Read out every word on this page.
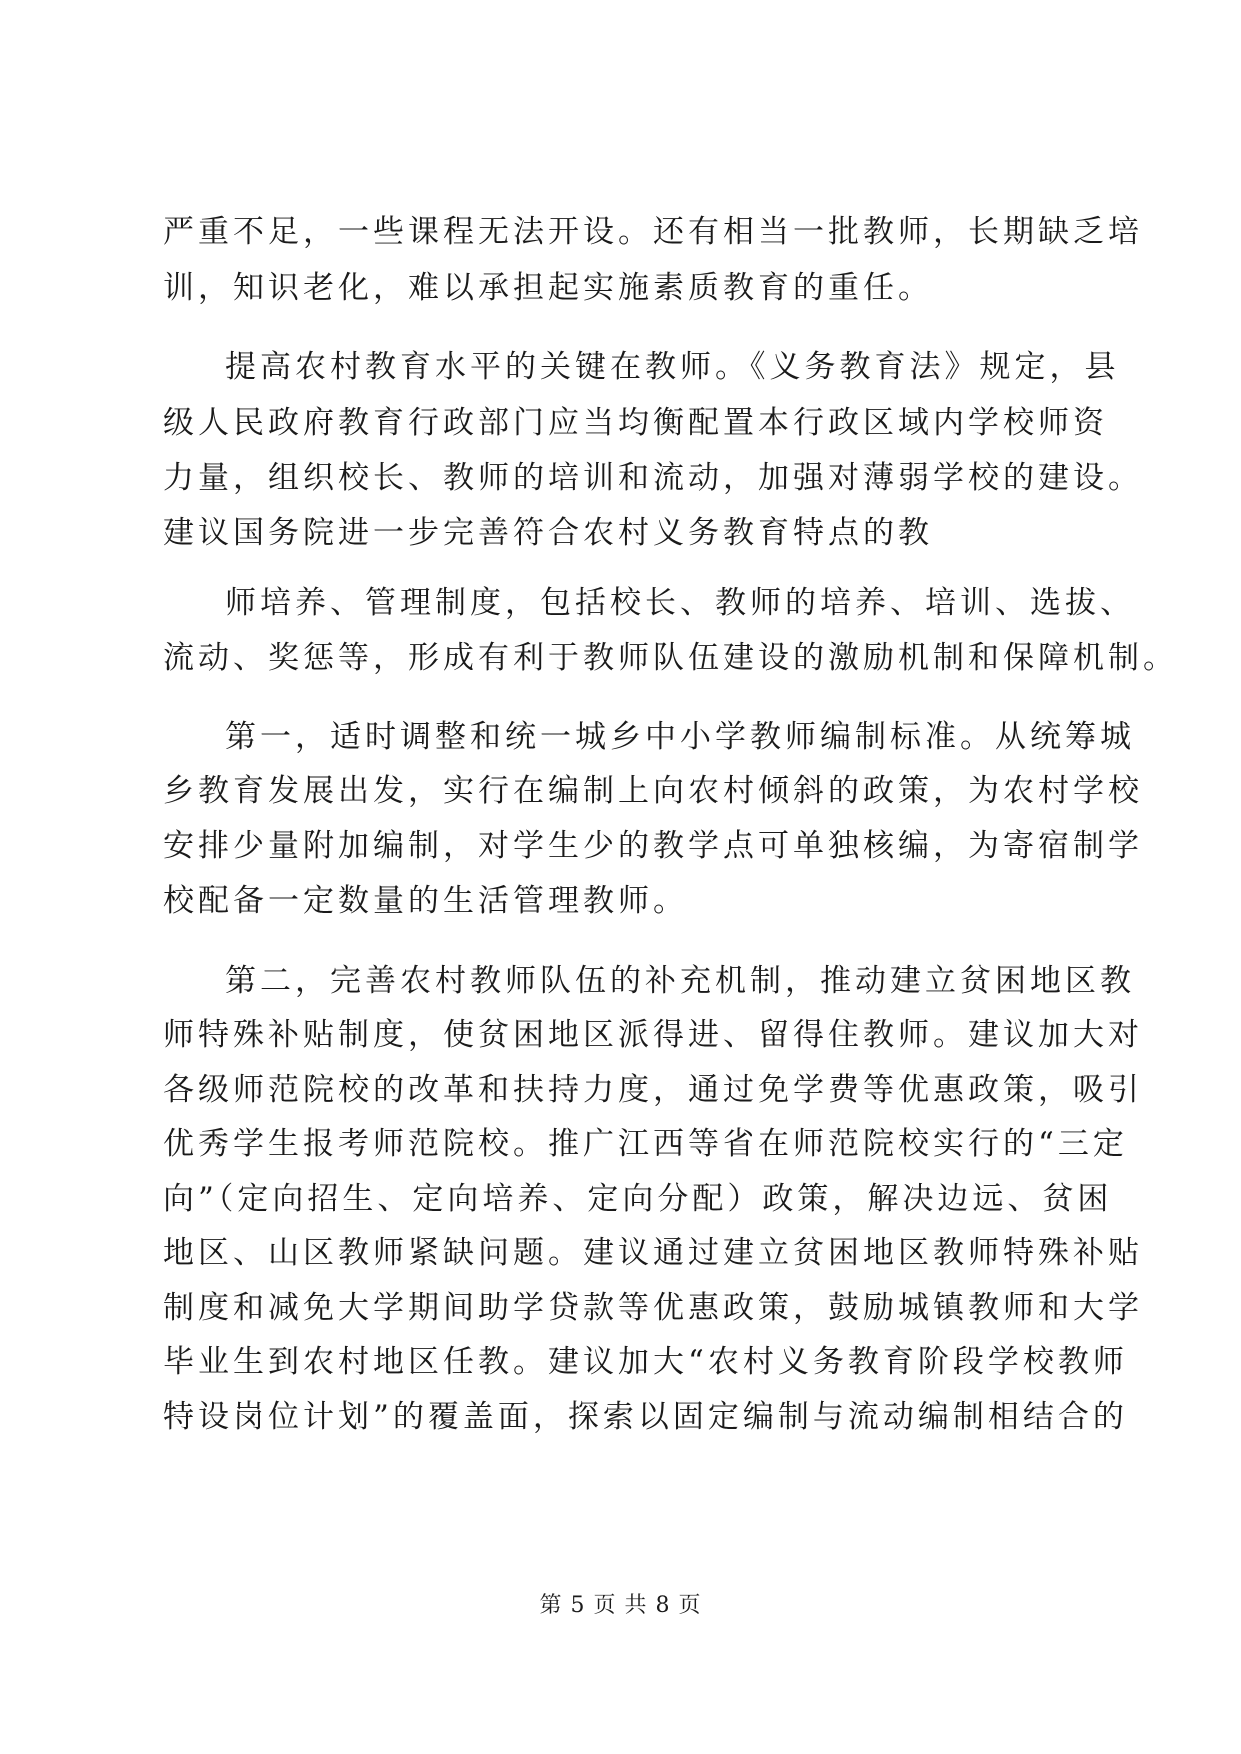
严重不足，一些课程无法开设。还有相当一批教师，长期缺乏培

训，知识老化，难以承担起实施素质教育的重任。

提高农村教育水平的关键在教师。《义务教育法》规定，县

级人民政府教育行政部门应当均衡配置本行政区域内学校师资

力量，组织校长、教师的培训和流动，加强对薄弱学校的建设。

建议国务院进一步完善符合农村义务教育特点的教

师培养、管理制度，包括校长、教师的培养、培训、选拔、

流动、奖惩等，形成有利于教师队伍建设的激励机制和保障机制。

第一，适时调整和统一城乡中小学教师编制标准。从统筹城

乡教育发展出发，实行在编制上向农村倾斜的政策，为农村学校

安排少量附加编制，对学生少的教学点可单独核编，为寄宿制学

校配备一定数量的生活管理教师。

第二，完善农村教师队伍的补充机制，推动建立贫困地区教

师特殊补贴制度，使贫困地区派得进、留得住教师。建议加大对

各级师范院校的改革和扶持力度，通过免学费等优惠政策，吸引

优秀学生报考师范院校。推广江西等省在师范院校实行的“三定

向”（定向招生、定向培养、定向分配）政策，解决边远、贫困

地区、山区教师紧缺问题。建议通过建立贫困地区教师特殊补贴

制度和减免大学期间助学贷款等优惠政策，鼓励城镇教师和大学

毕业生到农村地区任教。建议加大“农村义务教育阶段学校教师

特设岗位计划”的覆盖面，探索以固定编制与流动编制相结合的

第 5 页 共 8 页
